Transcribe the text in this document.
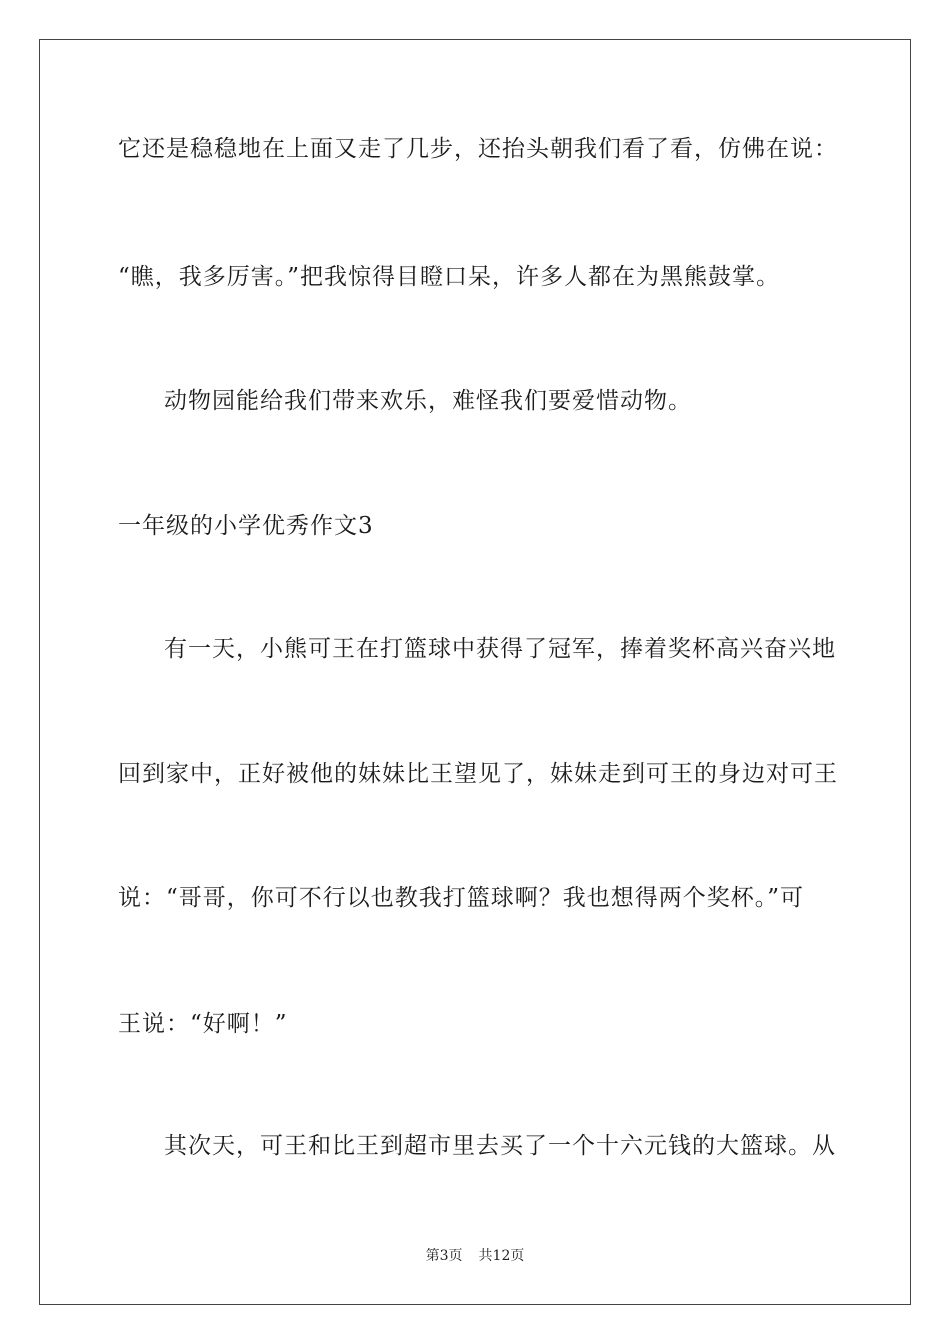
它还是稳稳地在上面又走了几步，还抬头朝我们看了看，仿佛在说：
“瞧，我多厉害。”把我惊得目瞪口呆，许多人都在为黑熊鼓掌。
动物园能给我们带来欢乐，难怪我们要爱惜动物。
一年级的小学优秀作文3
有一天，小熊可王在打篮球中获得了冠军，捧着奖杯高兴奋兴地
回到家中，正好被他的妹妹比王望见了，妹妹走到可王的身边对可王
说：“哥哥，你可不行以也教我打篮球啊？我也想得两个奖杯。”可
王说：“好啊！”
其次天，可王和比王到超市里去买了一个十六元钱的大篮球。从
第3页 共12页
